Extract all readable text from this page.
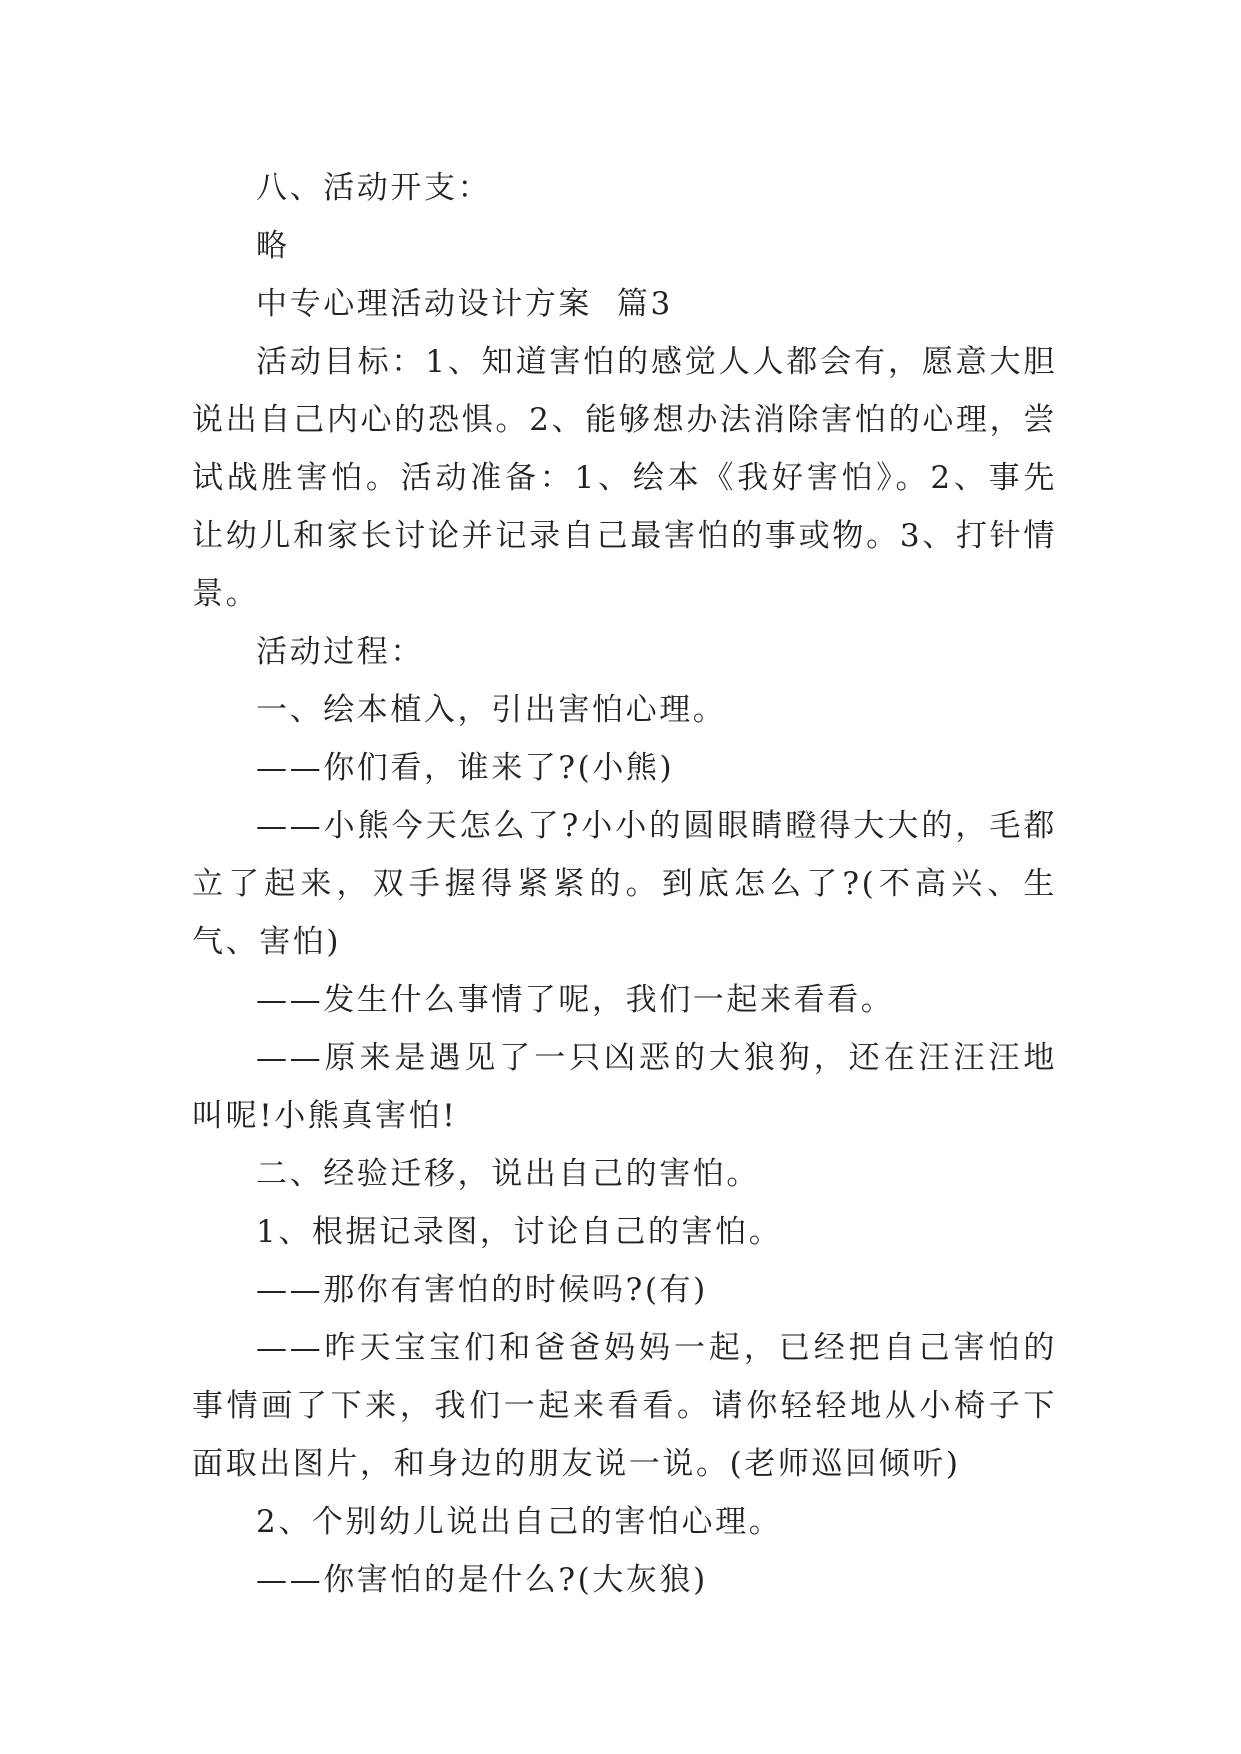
八、活动开支：

略

中专心理活动设计方案  篇3

活动目标：1、知道害怕的感觉人人都会有，愿意大胆说出自己内心的恐惧。2、能够想办法消除害怕的心理，尝试战胜害怕。活动准备：1、绘本《我好害怕》。2、事先让幼儿和家长讨论并记录自己最害怕的事或物。3、打针情景。

活动过程：

一、绘本植入，引出害怕心理。

——你们看，谁来了?(小熊)

——小熊今天怎么了?小小的圆眼睛瞪得大大的，毛都立了起来，双手握得紧紧的。到底怎么了?(不高兴、生气、害怕)

——发生什么事情了呢，我们一起来看看。

——原来是遇见了一只凶恶的大狼狗，还在汪汪汪地叫呢!小熊真害怕!

二、经验迁移，说出自己的害怕。

1、根据记录图，讨论自己的害怕。

——那你有害怕的时候吗?(有)

——昨天宝宝们和爸爸妈妈一起，已经把自己害怕的事情画了下来，我们一起来看看。请你轻轻地从小椅子下面取出图片，和身边的朋友说一说。(老师巡回倾听)

2、个别幼儿说出自己的害怕心理。

——你害怕的是什么?(大灰狼)
